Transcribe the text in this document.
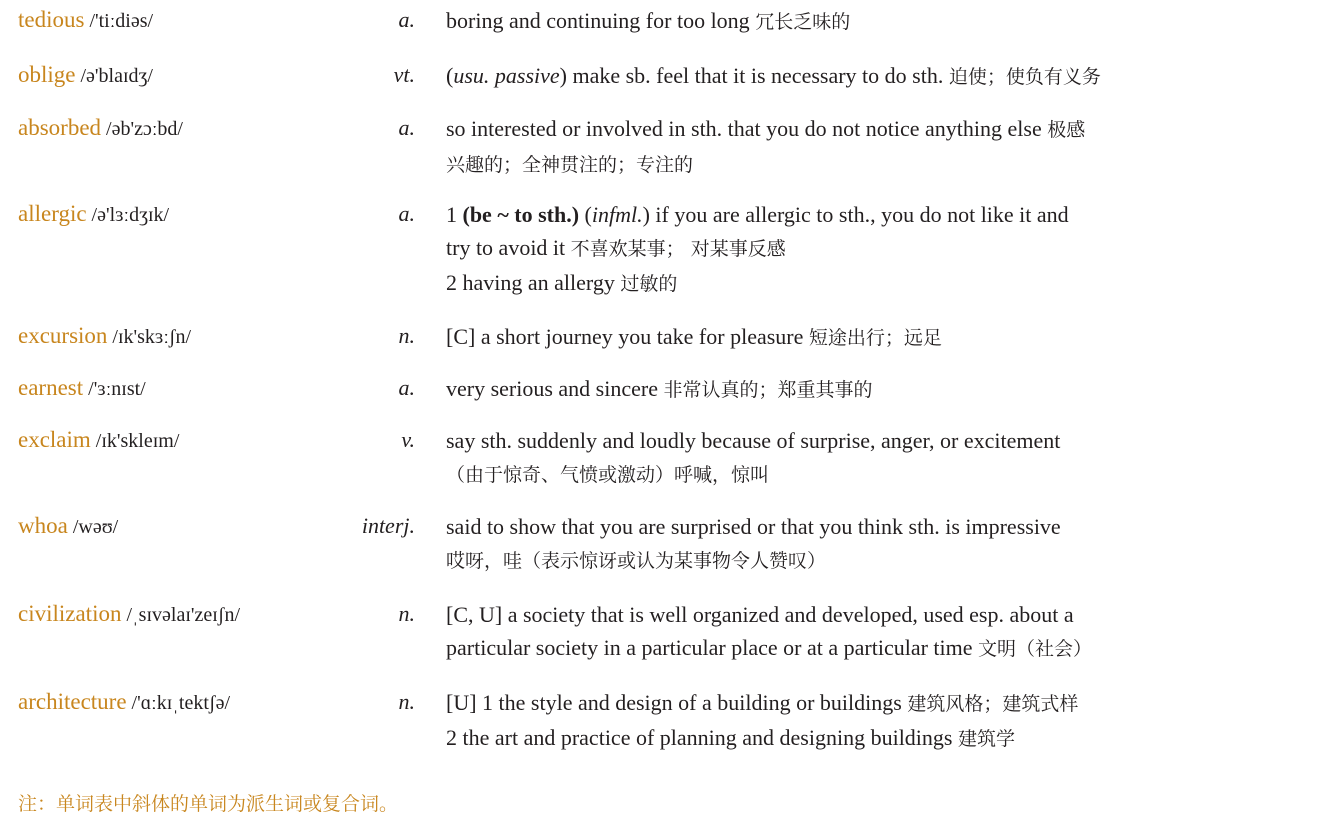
tedious /'tiːdiəs/	a. boring and continuing for too long 冗长乏味的
oblige /ə'blaɪdʒ/	vt. (usu. passive) make sb. feel that it is necessary to do sth. 迫使；使负有义务
absorbed /əb'zɔːbd/	a. so interested or involved in sth. that you do not notice anything else 极感
兴趣的；全神贯注的；专注的
allergic /ə'lɜːdʒɪk/	a. 1 (be ~ to sth.) (infml.) if you are allergic to sth., you do not like it and
try to avoid it 不喜欢某事； 对某事反感
2 having an allergy 过敏的
excursion /ɪk'skɜːʃn/	n. [C] a short journey you take for pleasure 短途出行；远足
earnest /'ɜːnɪst/	a. very serious and sincere 非常认真的；郑重其事的
exclaim /ɪk'skleɪm/	v. say sth. suddenly and loudly because of surprise, anger, or excitement
（由于惊奇、气愤或激动）呼喊，惊叫
whoa /wəʊ/	interj. said to show that you are surprised or that you think sth. is impressive
哎呀，哇（表示惊讶或认为某事物令人赞叹）
civilization /ˌsɪvəlaɪ'zeɪʃn/	n. [C, U] a society that is well organized and developed, used esp. about a
particular society in a particular place or at a particular time 文明（社会）
architecture /'ɑːkɪˌtektʃə/	n. [U] 1 the style and design of a building or buildings 建筑风格；建筑式样
2 the art and practice of planning and designing buildings 建筑学
注：单词表中斜体的单词为派生词或复合词。
